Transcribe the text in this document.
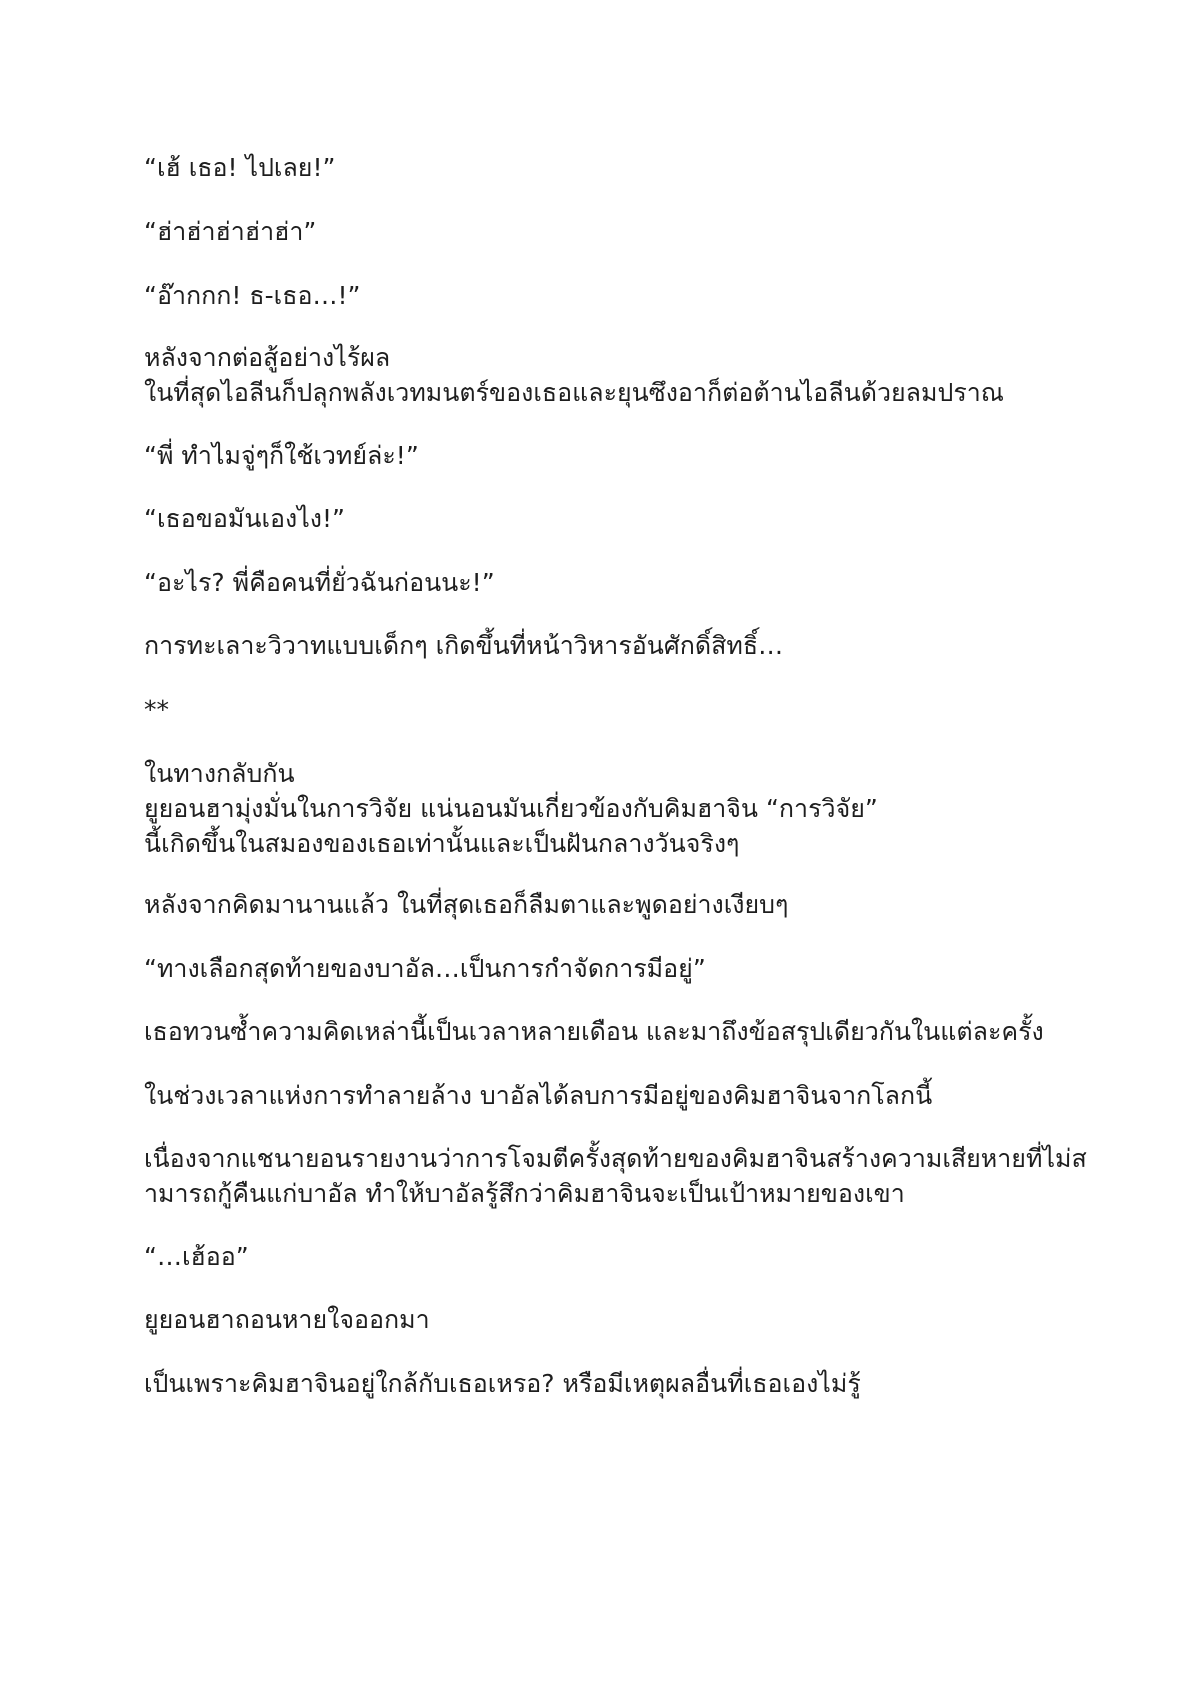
“เฮ้ เธอ! ไปเลย!”

“ฮ่าฮ่าฮ่าฮ่าฮ่า”

“อ๊ากกก! ธ-เธอ…!”

หลังจากต่อสู้อย่างไร้ผล
ในที่สุดไอลีนก็ปลุกพลังเวทมนตร์ของเธอและยุนซึงอาก็ต่อต้านไอลีนด้วยลมปราณ

“พี่ ทำไมจู่ๆก็ใช้เวทย์ล่ะ!”

“เธอขอมันเองไง!”

“อะไร? พี่คือคนที่ยั่วฉันก่อนนะ!”

การทะเลาะวิวาทแบบเด็กๆ เกิดขึ้นที่หน้าวิหารอันศักดิ์สิทธิ์…

**

ในทางกลับกัน
ยูยอนฮามุ่งมั่นในการวิจัย แน่นอนมันเกี่ยวข้องกับคิมฮาจิน “การวิจัย”
นี้เกิดขึ้นในสมองของเธอเท่านั้นและเป็นฝันกลางวันจริงๆ

หลังจากคิดมานานแล้ว ในที่สุดเธอก็ลืมตาและพูดอย่างเงียบๆ

“ทางเลือกสุดท้ายของบาอัล…เป็นการกำจัดการมีอยู่”

เธอทวนซ้ำความคิดเหล่านี้เป็นเวลาหลายเดือน และมาถึงข้อสรุปเดียวกันในแต่ละครั้ง

ในช่วงเวลาแห่งการทำลายล้าง บาอัลได้ลบการมีอยู่ของคิมฮาจินจากโลกนี้

เนื่องจากแชนายอนรายงานว่าการโจมตีครั้งสุดท้ายของคิมฮาจินสร้างความเสียหายที่ไม่ส
ามารถกู้คืนแก่บาอัล ทำให้บาอัลรู้สึกว่าคิมฮาจินจะเป็นเป้าหมายของเขา

“…เฮ้ออ”

ยูยอนฮาถอนหายใจออกมา

เป็นเพราะคิมฮาจินอยู่ใกล้กับเธอเหรอ? หรือมีเหตุผลอื่นที่เธอเองไม่รู้
